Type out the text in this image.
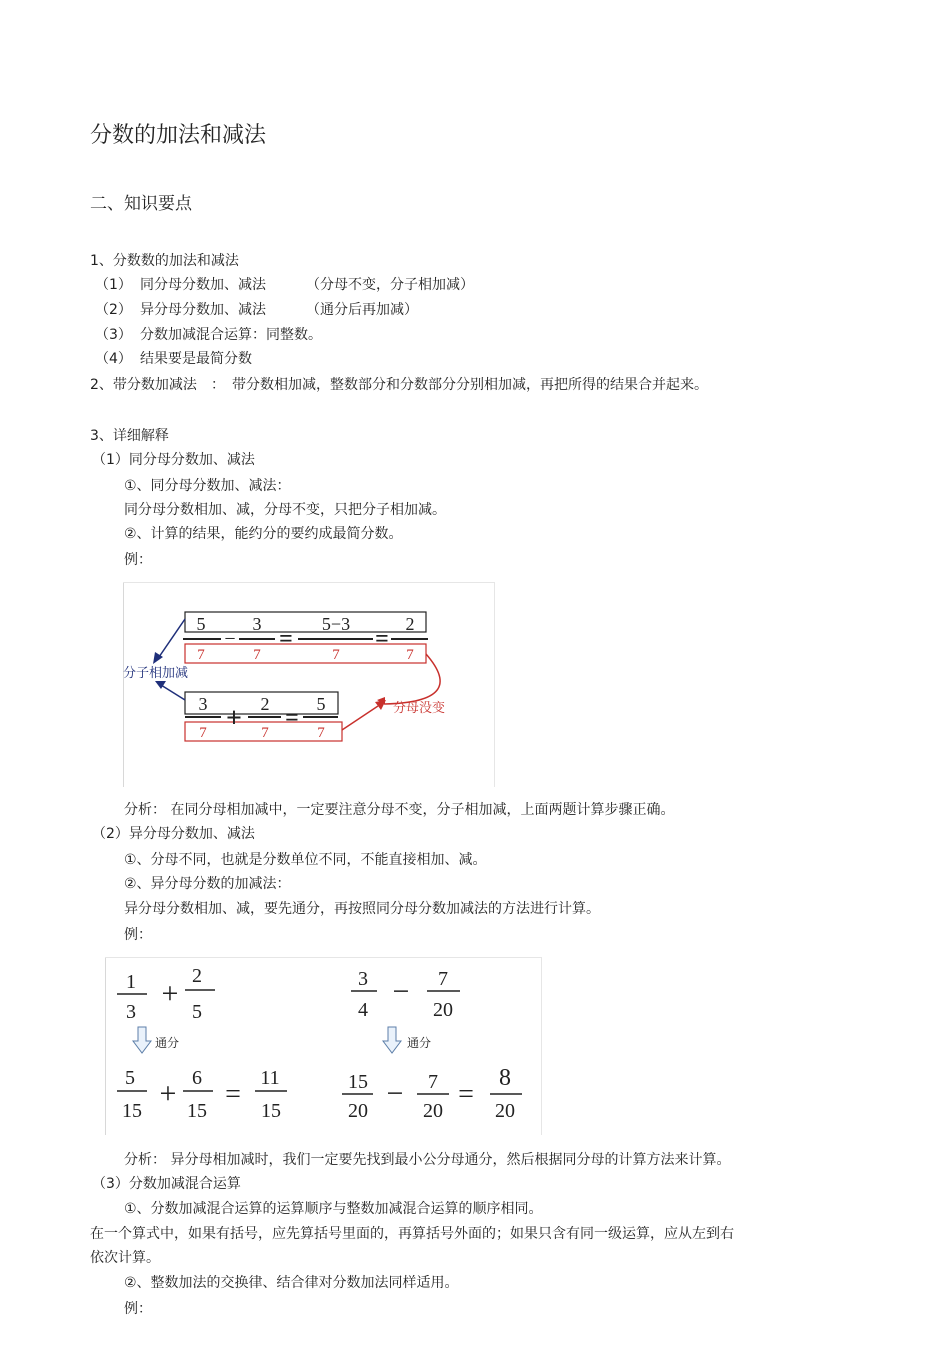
分数的加法和减法
二、知识要点
1、分数数的加法和减法
（1） 同分母分数加、减法	（分母不变，分子相加减）
（2） 异分母分数加、减法	（通分后再加减）
（3） 分数加减混合运算：同整数。
（4） 结果要是最简分数
2、带分数加减法 ： 带分数相加减，整数部分和分数部分分别相加减，再把所得的结果合并起来。
3、详细解释
（1）同分母分数加、减法
①、同分母分数加、减法：
同分母分数相加、减，分母不变，只把分子相加减。
②、计算的结果，能约分的要约成最简分数。
例：
5	3	5−3	2
7	7	7	7
− =	=
3	2	5
7	7	7
+ =
分子相加减
分母没变
分析： 在同分母相加减中，一定要注意分母不变，分子相加减，上面两题计算步骤正确。
（2）异分母分数加、减法
①、分母不同，也就是分数单位不同，不能直接相加、减。
②、异分母分数的加减法：
异分母分数相加、减，要先通分，再按照同分母分数加减法的方法进行计算。
例：
1
3
+
2
5
通分
5
15
+ 6
15
=
11
15
3
4
− 7
20
通分
15
20
− 7
20
=
8
20
分析： 异分母相加减时，我们一定要先找到最小公分母通分，然后根据同分母的计算方法来计算。
（3）分数加减混合运算
①、分数加减混合运算的运算顺序与整数加减混合运算的顺序相同。
在一个算式中，如果有括号，应先算括号里面的，再算括号外面的；如果只含有同一级运算，应从左到右
依次计算。
②、整数加法的交换律、结合律对分数加法同样适用。
例：
